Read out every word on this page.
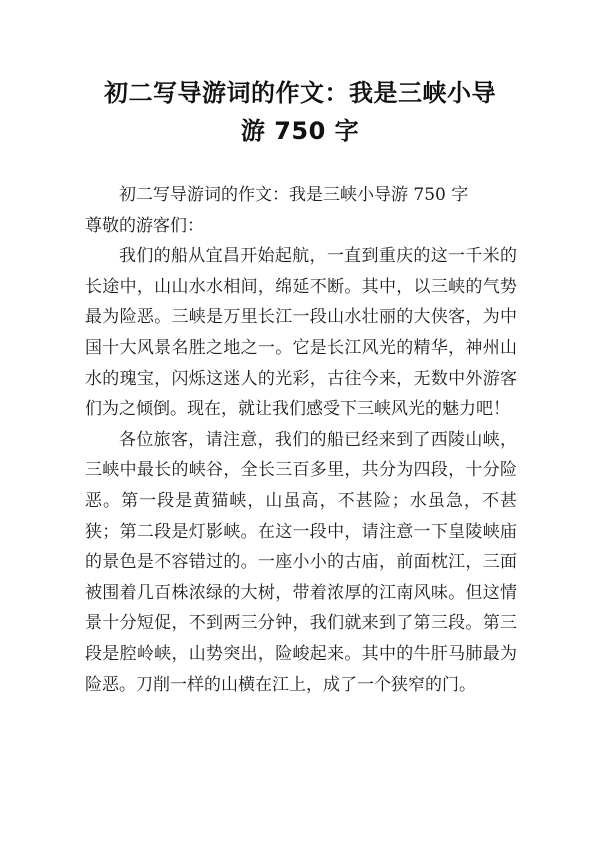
初二写导游词的作文：我是三峡小导
游 750 字

初二写导游词的作文：我是三峡小导游 750 字

尊敬的游客们：

我们的船从宜昌开始起航，一直到重庆的这一千米的长途中，山山水水相间，绵延不断。其中，以三峡的气势最为险恶。三峡是万里长江一段山水壮丽的大侠客，为中国十大风景名胜之地之一。它是长江风光的精华，神州山水的瑰宝，闪烁这迷人的光彩，古往今来，无数中外游客们为之倾倒。现在，就让我们感受下三峡风光的魅力吧！

各位旅客，请注意，我们的船已经来到了西陵山峡，三峡中最长的峡谷，全长三百多里，共分为四段，十分险恶。第一段是黄猫峡，山虽高，不甚险；水虽急，不甚狭；第二段是灯影峡。在这一段中，请注意一下皇陵峡庙的景色是不容错过的。一座小小的古庙，前面枕江，三面被围着几百株浓绿的大树，带着浓厚的江南风味。但这情景十分短促，不到两三分钟，我们就来到了第三段。第三段是腔岭峡，山势突出，险峻起来。其中的牛肝马肺最为险恶。刀削一样的山横在江上，成了一个狭窄的门。
